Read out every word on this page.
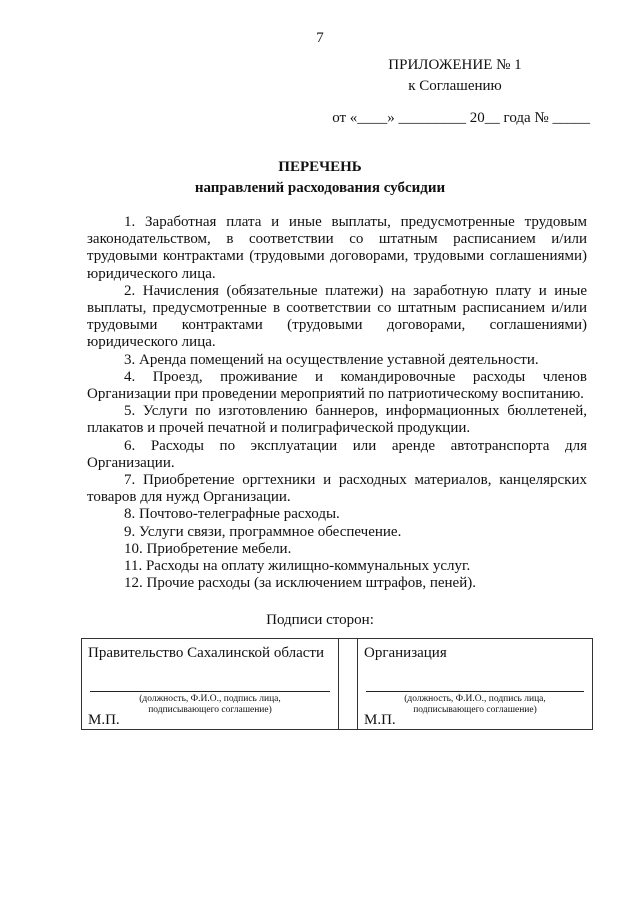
7
ПРИЛОЖЕНИЕ № 1
к Соглашению
от «____» _________ 20__ года № _____
ПЕРЕЧЕНЬ
направлений расходования субсидии

1. Заработная плата и иные выплаты, предусмотренные трудовым законодательством, в соответствии со штатным расписанием и/или трудовыми контрактами (трудовыми договорами, трудовыми соглашениями) юридического лица.

2. Начисления (обязательные платежи) на заработную плату и иные выплаты, предусмотренные в соответствии со штатным расписанием и/или трудовыми контрактами (трудовыми договорами, соглашениями) юридического лица.

3. Аренда помещений на осуществление уставной деятельности.

4. Проезд, проживание и командировочные расходы членов Организации при проведении мероприятий по патриотическому воспитанию.

5. Услуги по изготовлению баннеров, информационных бюллетеней, плакатов и прочей печатной и полиграфической продукции.

6. Расходы по эксплуатации или аренде автотранспорта для Организации.

7. Приобретение оргтехники и расходных материалов, канцелярских товаров для нужд Организации.

8. Почтово-телеграфные расходы.

9. Услуги связи, программное обеспечение.

10. Приобретение мебели.

11. Расходы на оплату жилищно-коммунальных услуг.

12. Прочие расходы (за исключением штрафов, пеней).

Подписи сторон:
Правительство Сахалинской области
(должность, Ф.И.О., подпись лица,
подписывающего соглашение)
М.П.
Организация
(должность, Ф.И.О., подпись лица,
подписывающего соглашение)
М.П.
